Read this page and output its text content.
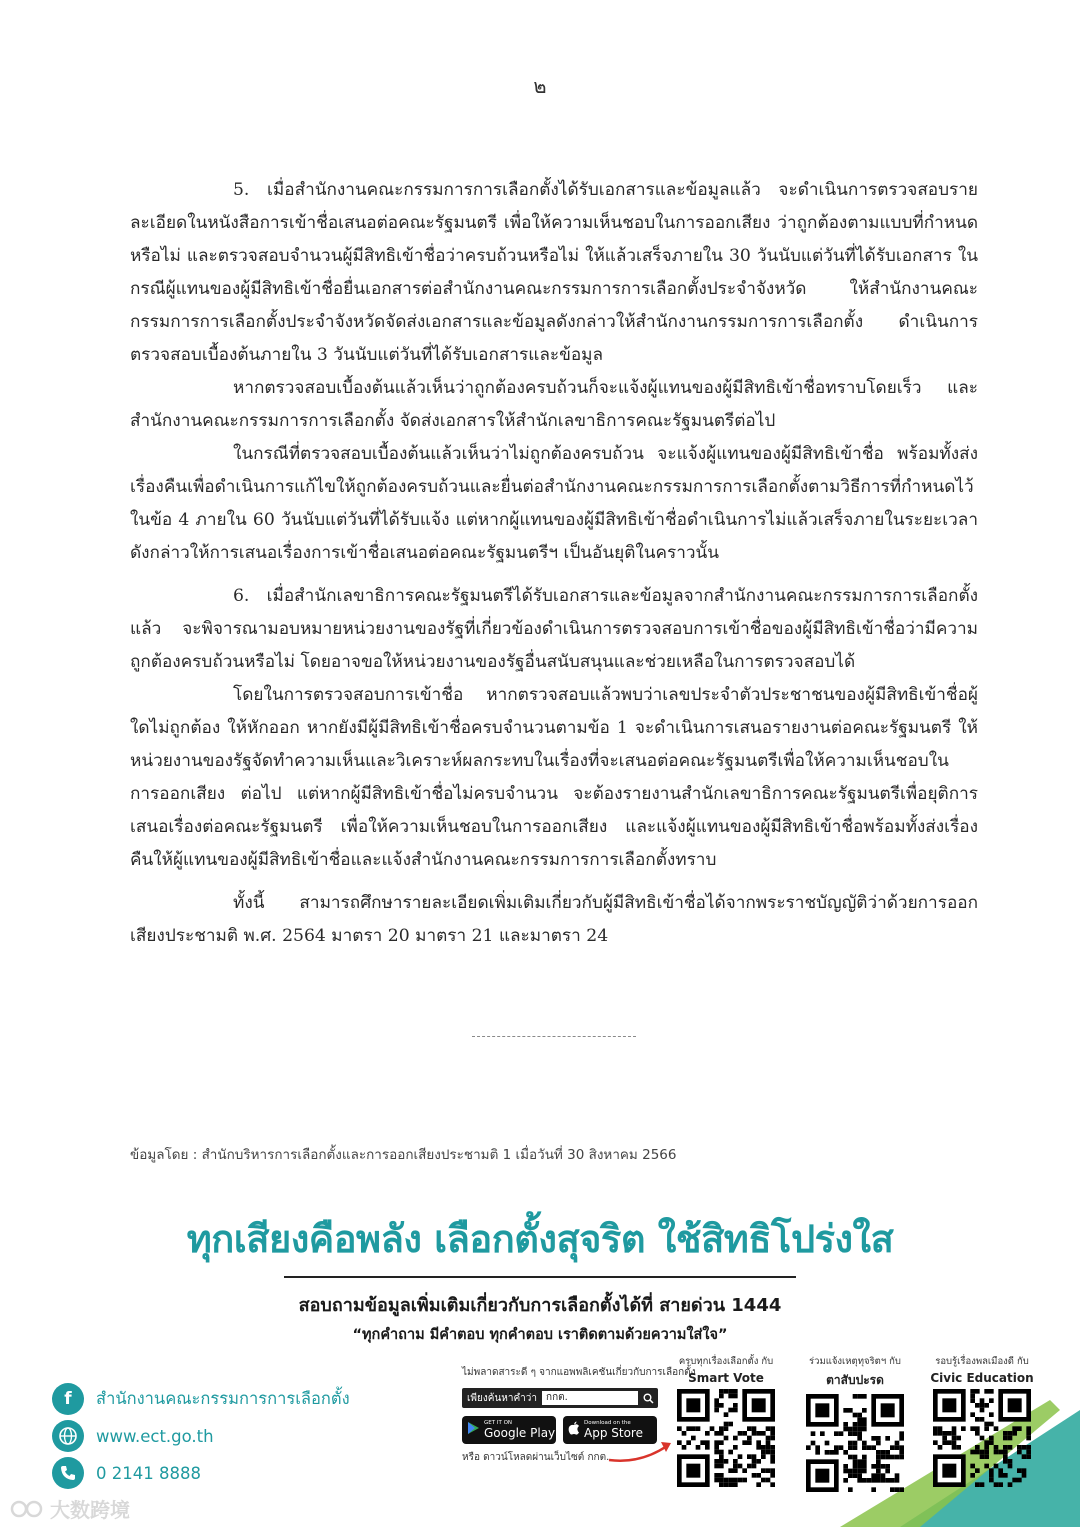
๒

5. เมื่อสำนักงานคณะกรรมการการเลือกตั้งได้รับเอกสารและข้อมูลแล้ว จะดำเนินการตรวจสอบรายละเอียดในหนังสือการเข้าชื่อเสนอต่อคณะรัฐมนตรี เพื่อให้ความเห็นชอบในการออกเสียง ว่าถูกต้องตามแบบที่กำหนดหรือไม่ และตรวจสอบจำนวนผู้มีสิทธิเข้าชื่อว่าครบถ้วนหรือไม่ ให้แล้วเสร็จภายใน 30 วันนับแต่วันที่ได้รับเอกสาร ในกรณีผู้แทนของผู้มีสิทธิเข้าชื่อยื่นเอกสารต่อสำนักงานคณะกรรมการการเลือกตั้งประจำจังหวัด ให้สำนักงานคณะกรรมการการเลือกตั้งประจำจังหวัดจัดส่งเอกสารและข้อมูลดังกล่าวให้สำนักงานกรรมการการเลือกตั้ง ดำเนินการตรวจสอบเบื้องต้นภายใน 3 วันนับแต่วันที่ได้รับเอกสารและข้อมูล

หากตรวจสอบเบื้องต้นแล้วเห็นว่าถูกต้องครบถ้วนก็จะแจ้งผู้แทนของผู้มีสิทธิเข้าชื่อทราบโดยเร็ว และสำนักงานคณะกรรมการการเลือกตั้ง จัดส่งเอกสารให้สำนักเลขาธิการคณะรัฐมนตรีต่อไป

ในกรณีที่ตรวจสอบเบื้องต้นแล้วเห็นว่าไม่ถูกต้องครบถ้วน จะแจ้งผู้แทนของผู้มีสิทธิเข้าชื่อ พร้อมทั้งส่งเรื่องคืนเพื่อดำเนินการแก้ไขให้ถูกต้องครบถ้วนและยื่นต่อสำนักงานคณะกรรมการการเลือกตั้งตามวิธีการที่กำหนดไว้ในข้อ 4 ภายใน 60 วันนับแต่วันที่ได้รับแจ้ง แต่หากผู้แทนของผู้มีสิทธิเข้าชื่อดำเนินการไม่แล้วเสร็จภายในระยะเวลาดังกล่าวให้การเสนอเรื่องการเข้าชื่อเสนอต่อคณะรัฐมนตรีฯ เป็นอันยุติในคราวนั้น

6. เมื่อสำนักเลขาธิการคณะรัฐมนตรีได้รับเอกสารและข้อมูลจากสำนักงานคณะกรรมการการเลือกตั้งแล้ว จะพิจารณามอบหมายหน่วยงานของรัฐที่เกี่ยวข้องดำเนินการตรวจสอบการเข้าชื่อของผู้มีสิทธิเข้าชื่อว่ามีความถูกต้องครบถ้วนหรือไม่ โดยอาจขอให้หน่วยงานของรัฐอื่นสนับสนุนและช่วยเหลือในการตรวจสอบได้

โดยในการตรวจสอบการเข้าชื่อ หากตรวจสอบแล้วพบว่าเลขประจำตัวประชาชนของผู้มีสิทธิเข้าชื่อผู้ใดไม่ถูกต้อง ให้หักออก หากยังมีผู้มีสิทธิเข้าชื่อครบจำนวนตามข้อ 1 จะดำเนินการเสนอรายงานต่อคณะรัฐมนตรี ให้หน่วยงานของรัฐจัดทำความเห็นและวิเคราะห์ผลกระทบในเรื่องที่จะเสนอต่อคณะรัฐมนตรีเพื่อให้ความเห็นชอบในการออกเสียง ต่อไป แต่หากผู้มีสิทธิเข้าชื่อไม่ครบจำนวน จะต้องรายงานสำนักเลขาธิการคณะรัฐมนตรีเพื่อยุติการเสนอเรื่องต่อคณะรัฐมนตรี เพื่อให้ความเห็นชอบในการออกเสียง และแจ้งผู้แทนของผู้มีสิทธิเข้าชื่อพร้อมทั้งส่งเรื่องคืนให้ผู้แทนของผู้มีสิทธิเข้าชื่อและแจ้งสำนักงานคณะกรรมการการเลือกตั้งทราบ

ทั้งนี้ สามารถศึกษารายละเอียดเพิ่มเติมเกี่ยวกับผู้มีสิทธิเข้าชื่อได้จากพระราชบัญญัติว่าด้วยการออกเสียงประชามติ พ.ศ. 2564 มาตรา 20 มาตรา 21 และมาตรา 24

ข้อมูลโดย : สำนักบริหารการเลือกตั้งและการออกเสียงประชามติ 1 เมื่อวันที่ 30 สิงหาคม 2566
ทุกเสียงคือพลัง เลือกตั้งสุจริต ใช้สิทธิโปร่งใส
สอบถามข้อมูลเพิ่มเติมเกี่ยวกับการเลือกตั้งได้ที่ สายด่วน 1444
“ทุกคำถาม มีคำตอบ ทุกคำตอบ เราติดตามด้วยความใส่ใจ”
f	สำนักงานคณะกรรมการการเลือกตั้ง
www.ect.go.th
0 2141 8888
ไม่พลาดสาระดี ๆ จากแอพพลิเคชันเกี่ยวกับการเลือกตั้ง
เพียงค้นหาคำว่า กกต.
GET IT ON
Google Play
Download on the
App Store
หรือ ดาวน์โหลดผ่านเว็บไซต์ กกต.
ครบทุกเรื่องเลือกตั้ง กับ
Smart Vote
ร่วมแจ้งเหตุทุจริตฯ กับ
ตาสับปะรด
รอบรู้เรื่องพลเมืองดี กับ
Civic Education
大数跨境
